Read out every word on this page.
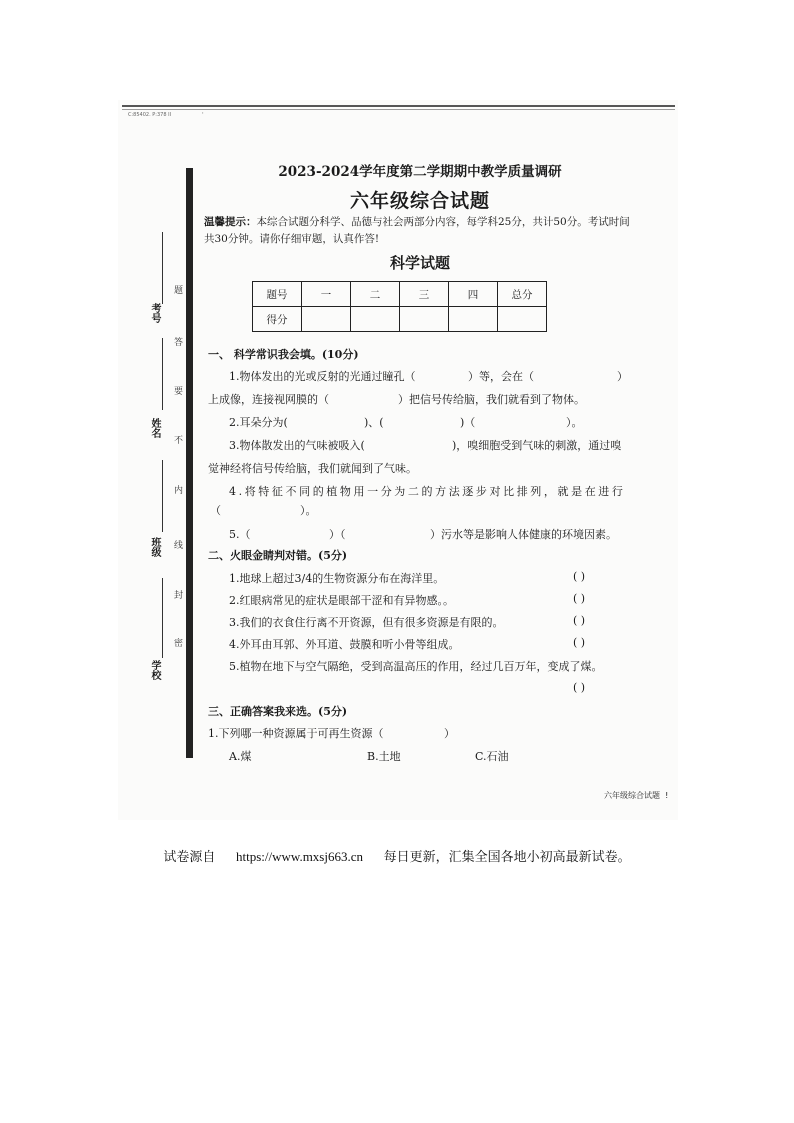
C:85402. P:378 II	'
考号
姓名
班级
学校
题
答
要
不
内
线
封
密
2023-2024学年度第二学期期中教学质量调研
六年级综合试题
温馨提示：本综合试题分科学、品德与社会两部分内容，每学科25分，共计50分。考试时间共30分钟。请你仔细审题，认真作答!
科学试题
题号	一	二	三	四	总分
得分					
一、 科学常识我会填。(10分)
1.物体发出的光或反射的光通过瞳孔（	）等，会在（	）
上成像，连接视网膜的（	）把信号传给脑，我们就看到了物体。
2.耳朵分为(	)、(	)（	）。
3.物体散发出的气味被吸入(	)，嗅细胞受到气味的刺激，通过嗅
觉神经将信号传给脑，我们就闻到了气味。
4.将特征不同的植物用一分为二的方法逐步对比排列，就是在进行
（	）。
5.（	）（	）污水等是影响人体健康的环境因素。
二、火眼金睛判对错。(5分)
1.地球上超过3/4的生物资源分布在海洋里。	( )
2.红眼病常见的症状是眼部干涩和有异物感。。	( )
3.我们的衣食住行离不开资源，但有很多资源是有限的。	( )
4.外耳由耳郭、外耳道、鼓膜和听小骨等组成。	( )
5.植物在地下与空气隔绝，受到高温高压的作用，经过几百万年，变成了煤。
( )
三、正确答案我来选。(5分)
1.下列哪一种资源属于可再生资源（	）
A.煤	B.土地	C.石油
六年级综合试题 !
试卷源自 https://www.mxsj663.cn 每日更新，汇集全国各地小初高最新试卷。
